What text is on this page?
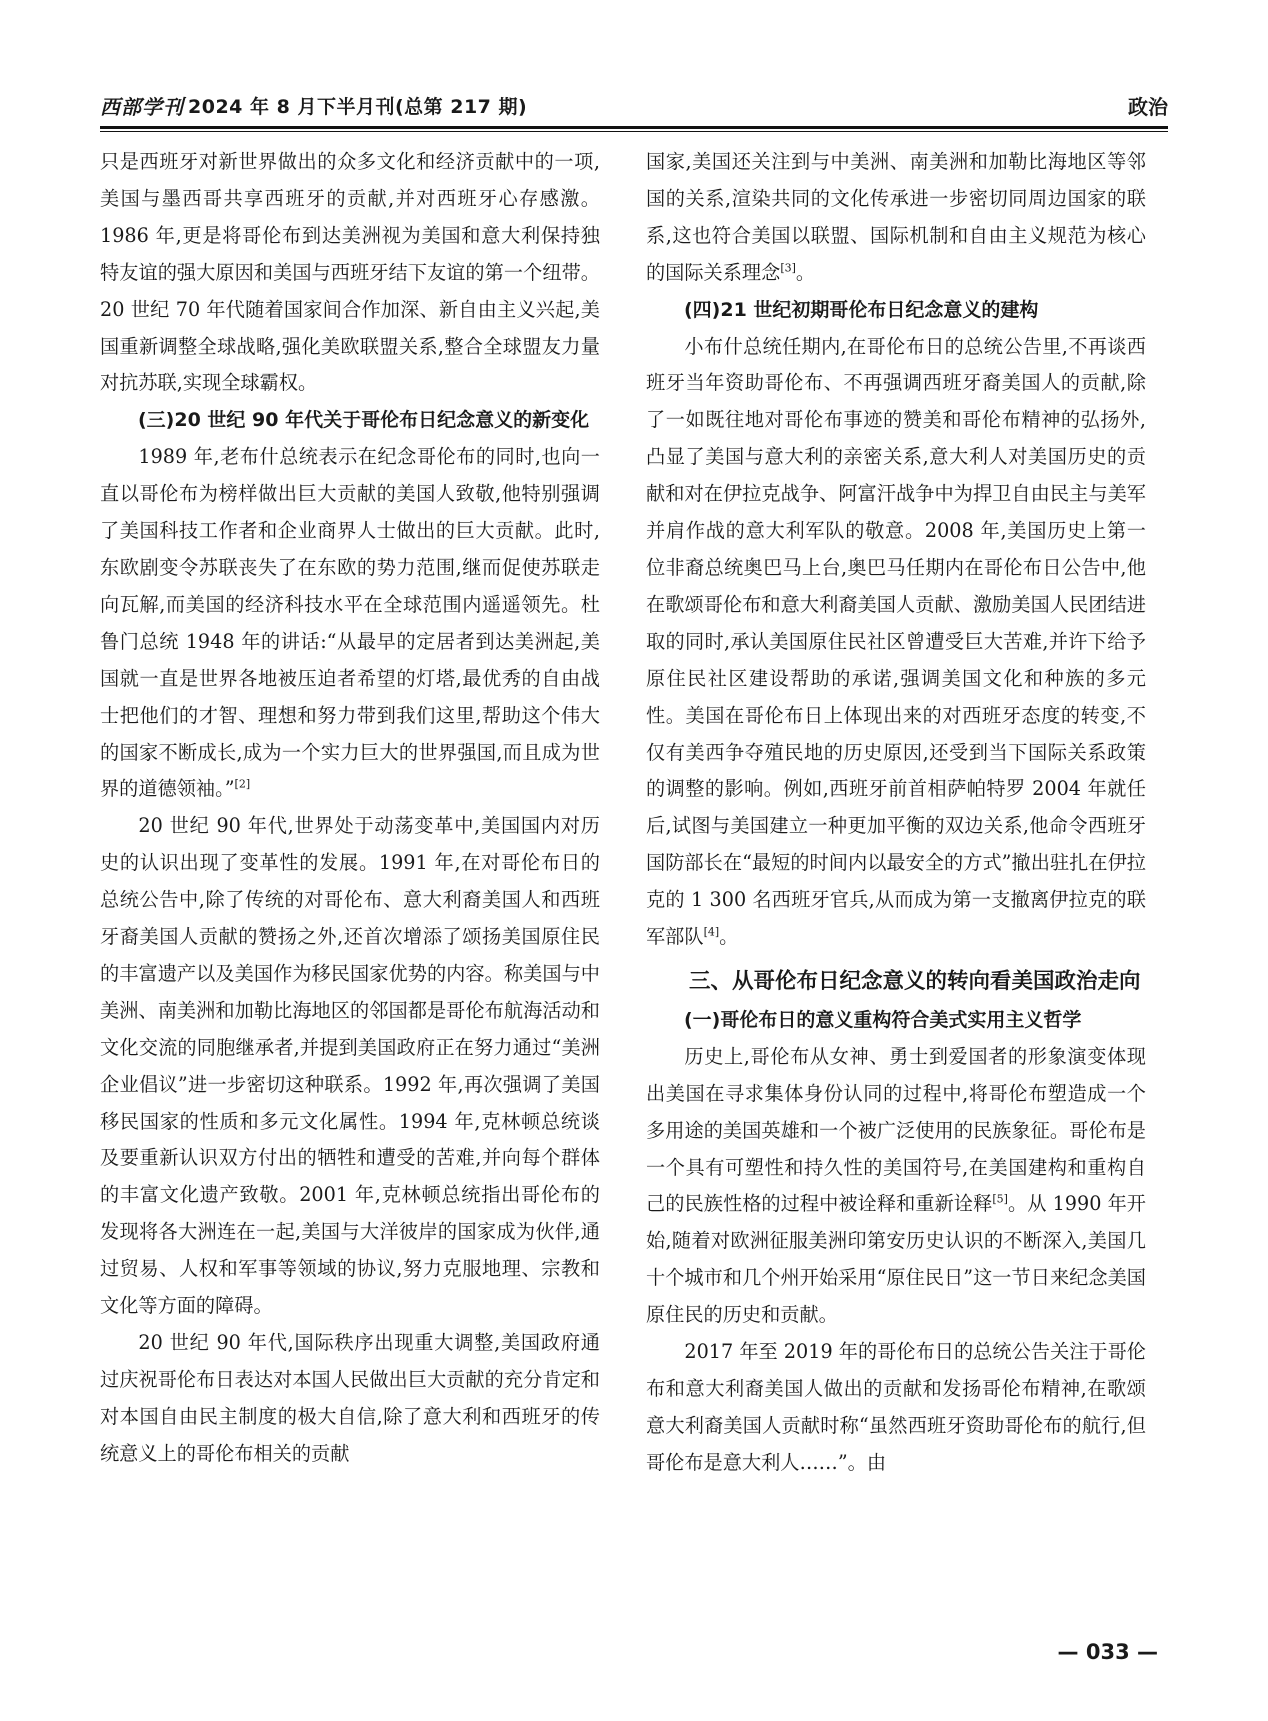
西部学刊 2024 年 8 月下半月刊(总第 217 期)	政治

只是西班牙对新世界做出的众多文化和经济贡献中的一项,美国与墨西哥共享西班牙的贡献,并对西班牙心存感激。1986 年,更是将哥伦布到达美洲视为美国和意大利保持独特友谊的强大原因和美国与西班牙结下友谊的第一个纽带。20 世纪 70 年代随着国家间合作加深、新自由主义兴起,美国重新调整全球战略,强化美欧联盟关系,整合全球盟友力量对抗苏联,实现全球霸权。

(三)20 世纪 90 年代关于哥伦布日纪念意义的新变化

1989 年,老布什总统表示在纪念哥伦布的同时,也向一直以哥伦布为榜样做出巨大贡献的美国人致敬,他特别强调了美国科技工作者和企业商界人士做出的巨大贡献。此时,东欧剧变令苏联丧失了在东欧的势力范围,继而促使苏联走向瓦解,而美国的经济科技水平在全球范围内遥遥领先。杜鲁门总统 1948 年的讲话:“从最早的定居者到达美洲起,美国就一直是世界各地被压迫者希望的灯塔,最优秀的自由战士把他们的才智、理想和努力带到我们这里,帮助这个伟大的国家不断成长,成为一个实力巨大的世界强国,而且成为世界的道德领袖。”[2]

20 世纪 90 年代,世界处于动荡变革中,美国国内对历史的认识出现了变革性的发展。1991 年,在对哥伦布日的总统公告中,除了传统的对哥伦布、意大利裔美国人和西班牙裔美国人贡献的赞扬之外,还首次增添了颂扬美国原住民的丰富遗产以及美国作为移民国家优势的内容。称美国与中美洲、南美洲和加勒比海地区的邻国都是哥伦布航海活动和文化交流的同胞继承者,并提到美国政府正在努力通过“美洲企业倡议”进一步密切这种联系。1992 年,再次强调了美国移民国家的性质和多元文化属性。1994 年,克林顿总统谈及要重新认识双方付出的牺牲和遭受的苦难,并向每个群体的丰富文化遗产致敬。2001 年,克林顿总统指出哥伦布的发现将各大洲连在一起,美国与大洋彼岸的国家成为伙伴,通过贸易、人权和军事等领域的协议,努力克服地理、宗教和文化等方面的障碍。

20 世纪 90 年代,国际秩序出现重大调整,美国政府通过庆祝哥伦布日表达对本国人民做出巨大贡献的充分肯定和对本国自由民主制度的极大自信,除了意大利和西班牙的传统意义上的哥伦布相关的贡献

国家,美国还关注到与中美洲、南美洲和加勒比海地区等邻国的关系,渲染共同的文化传承进一步密切同周边国家的联系,这也符合美国以联盟、国际机制和自由主义规范为核心的国际关系理念[3]。

(四)21 世纪初期哥伦布日纪念意义的建构

小布什总统任期内,在哥伦布日的总统公告里,不再谈西班牙当年资助哥伦布、不再强调西班牙裔美国人的贡献,除了一如既往地对哥伦布事迹的赞美和哥伦布精神的弘扬外,凸显了美国与意大利的亲密关系,意大利人对美国历史的贡献和对在伊拉克战争、阿富汗战争中为捍卫自由民主与美军并肩作战的意大利军队的敬意。2008 年,美国历史上第一位非裔总统奥巴马上台,奥巴马任期内在哥伦布日公告中,他在歌颂哥伦布和意大利裔美国人贡献、激励美国人民团结进取的同时,承认美国原住民社区曾遭受巨大苦难,并许下给予原住民社区建设帮助的承诺,强调美国文化和种族的多元性。美国在哥伦布日上体现出来的对西班牙态度的转变,不仅有美西争夺殖民地的历史原因,还受到当下国际关系政策的调整的影响。例如,西班牙前首相萨帕特罗 2004 年就任后,试图与美国建立一种更加平衡的双边关系,他命令西班牙国防部长在“最短的时间内以最安全的方式”撤出驻扎在伊拉克的 1 300 名西班牙官兵,从而成为第一支撤离伊拉克的联军部队[4]。

三、从哥伦布日纪念意义的转向看美国政治走向
(一)哥伦布日的意义重构符合美式实用主义哲学

历史上,哥伦布从女神、勇士到爱国者的形象演变体现出美国在寻求集体身份认同的过程中,将哥伦布塑造成一个多用途的美国英雄和一个被广泛使用的民族象征。哥伦布是一个具有可塑性和持久性的美国符号,在美国建构和重构自己的民族性格的过程中被诠释和重新诠释[5]。从 1990 年开始,随着对欧洲征服美洲印第安历史认识的不断深入,美国几十个城市和几个州开始采用“原住民日”这一节日来纪念美国原住民的历史和贡献。

2017 年至 2019 年的哥伦布日的总统公告关注于哥伦布和意大利裔美国人做出的贡献和发扬哥伦布精神,在歌颂意大利裔美国人贡献时称“虽然西班牙资助哥伦布的航行,但哥伦布是意大利人……”。由

— 033 —
